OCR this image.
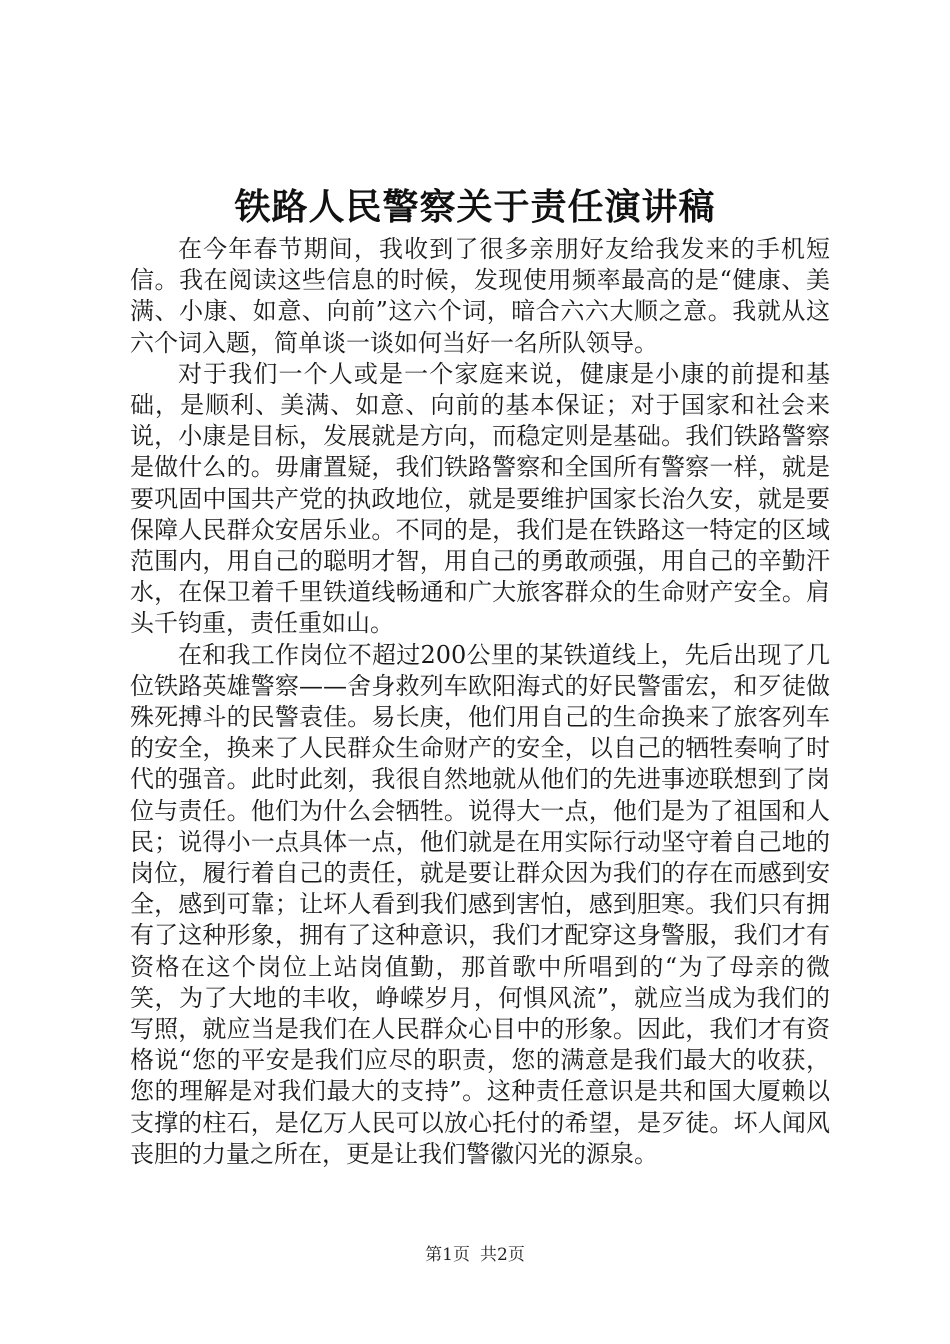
铁路人民警察关于责任演讲稿

在今年春节期间，我收到了很多亲朋好友给我发来的手机短信。我在阅读这些信息的时候，发现使用频率最高的是“健康、美满、小康、如意、向前”这六个词，暗合六六大顺之意。我就从这六个词入题，简单谈一谈如何当好一名所队领导。

对于我们一个人或是一个家庭来说，健康是小康的前提和基础，是顺利、美满、如意、向前的基本保证；对于国家和社会来说，小康是目标，发展就是方向，而稳定则是基础。我们铁路警察是做什么的。毋庸置疑，我们铁路警察和全国所有警察一样，就是要巩固中国共产党的执政地位，就是要维护国家长治久安，就是要保障人民群众安居乐业。不同的是，我们是在铁路这一特定的区域范围内，用自己的聪明才智，用自己的勇敢顽强，用自己的辛勤汗水，在保卫着千里铁道线畅通和广大旅客群众的生命财产安全。肩头千钧重，责任重如山。

在和我工作岗位不超过200公里的某铁道线上，先后出现了几位铁路英雄警察——舍身救列车欧阳海式的好民警雷宏，和歹徒做殊死搏斗的民警袁佳。易长庚，他们用自己的生命换来了旅客列车的安全，换来了人民群众生命财产的安全，以自己的牺牲奏响了时代的强音。此时此刻，我很自然地就从他们的先进事迹联想到了岗位与责任。他们为什么会牺牲。说得大一点，他们是为了祖国和人民；说得小一点具体一点，他们就是在用实际行动坚守着自己地的岗位，履行着自己的责任，就是要让群众因为我们的存在而感到安全，感到可靠；让坏人看到我们感到害怕，感到胆寒。我们只有拥有了这种形象，拥有了这种意识，我们才配穿这身警服，我们才有资格在这个岗位上站岗值勤，那首歌中所唱到的“为了母亲的微笑，为了大地的丰收，峥嵘岁月，何惧风流”，就应当成为我们的写照，就应当是我们在人民群众心目中的形象。因此，我们才有资格说“您的平安是我们应尽的职责，您的满意是我们最大的收获，您的理解是对我们最大的支持”。这种责任意识是共和国大厦赖以支撑的柱石，是亿万人民可以放心托付的希望，是歹徒。坏人闻风丧胆的力量之所在，更是让我们警徽闪光的源泉。

第1页 共2页
